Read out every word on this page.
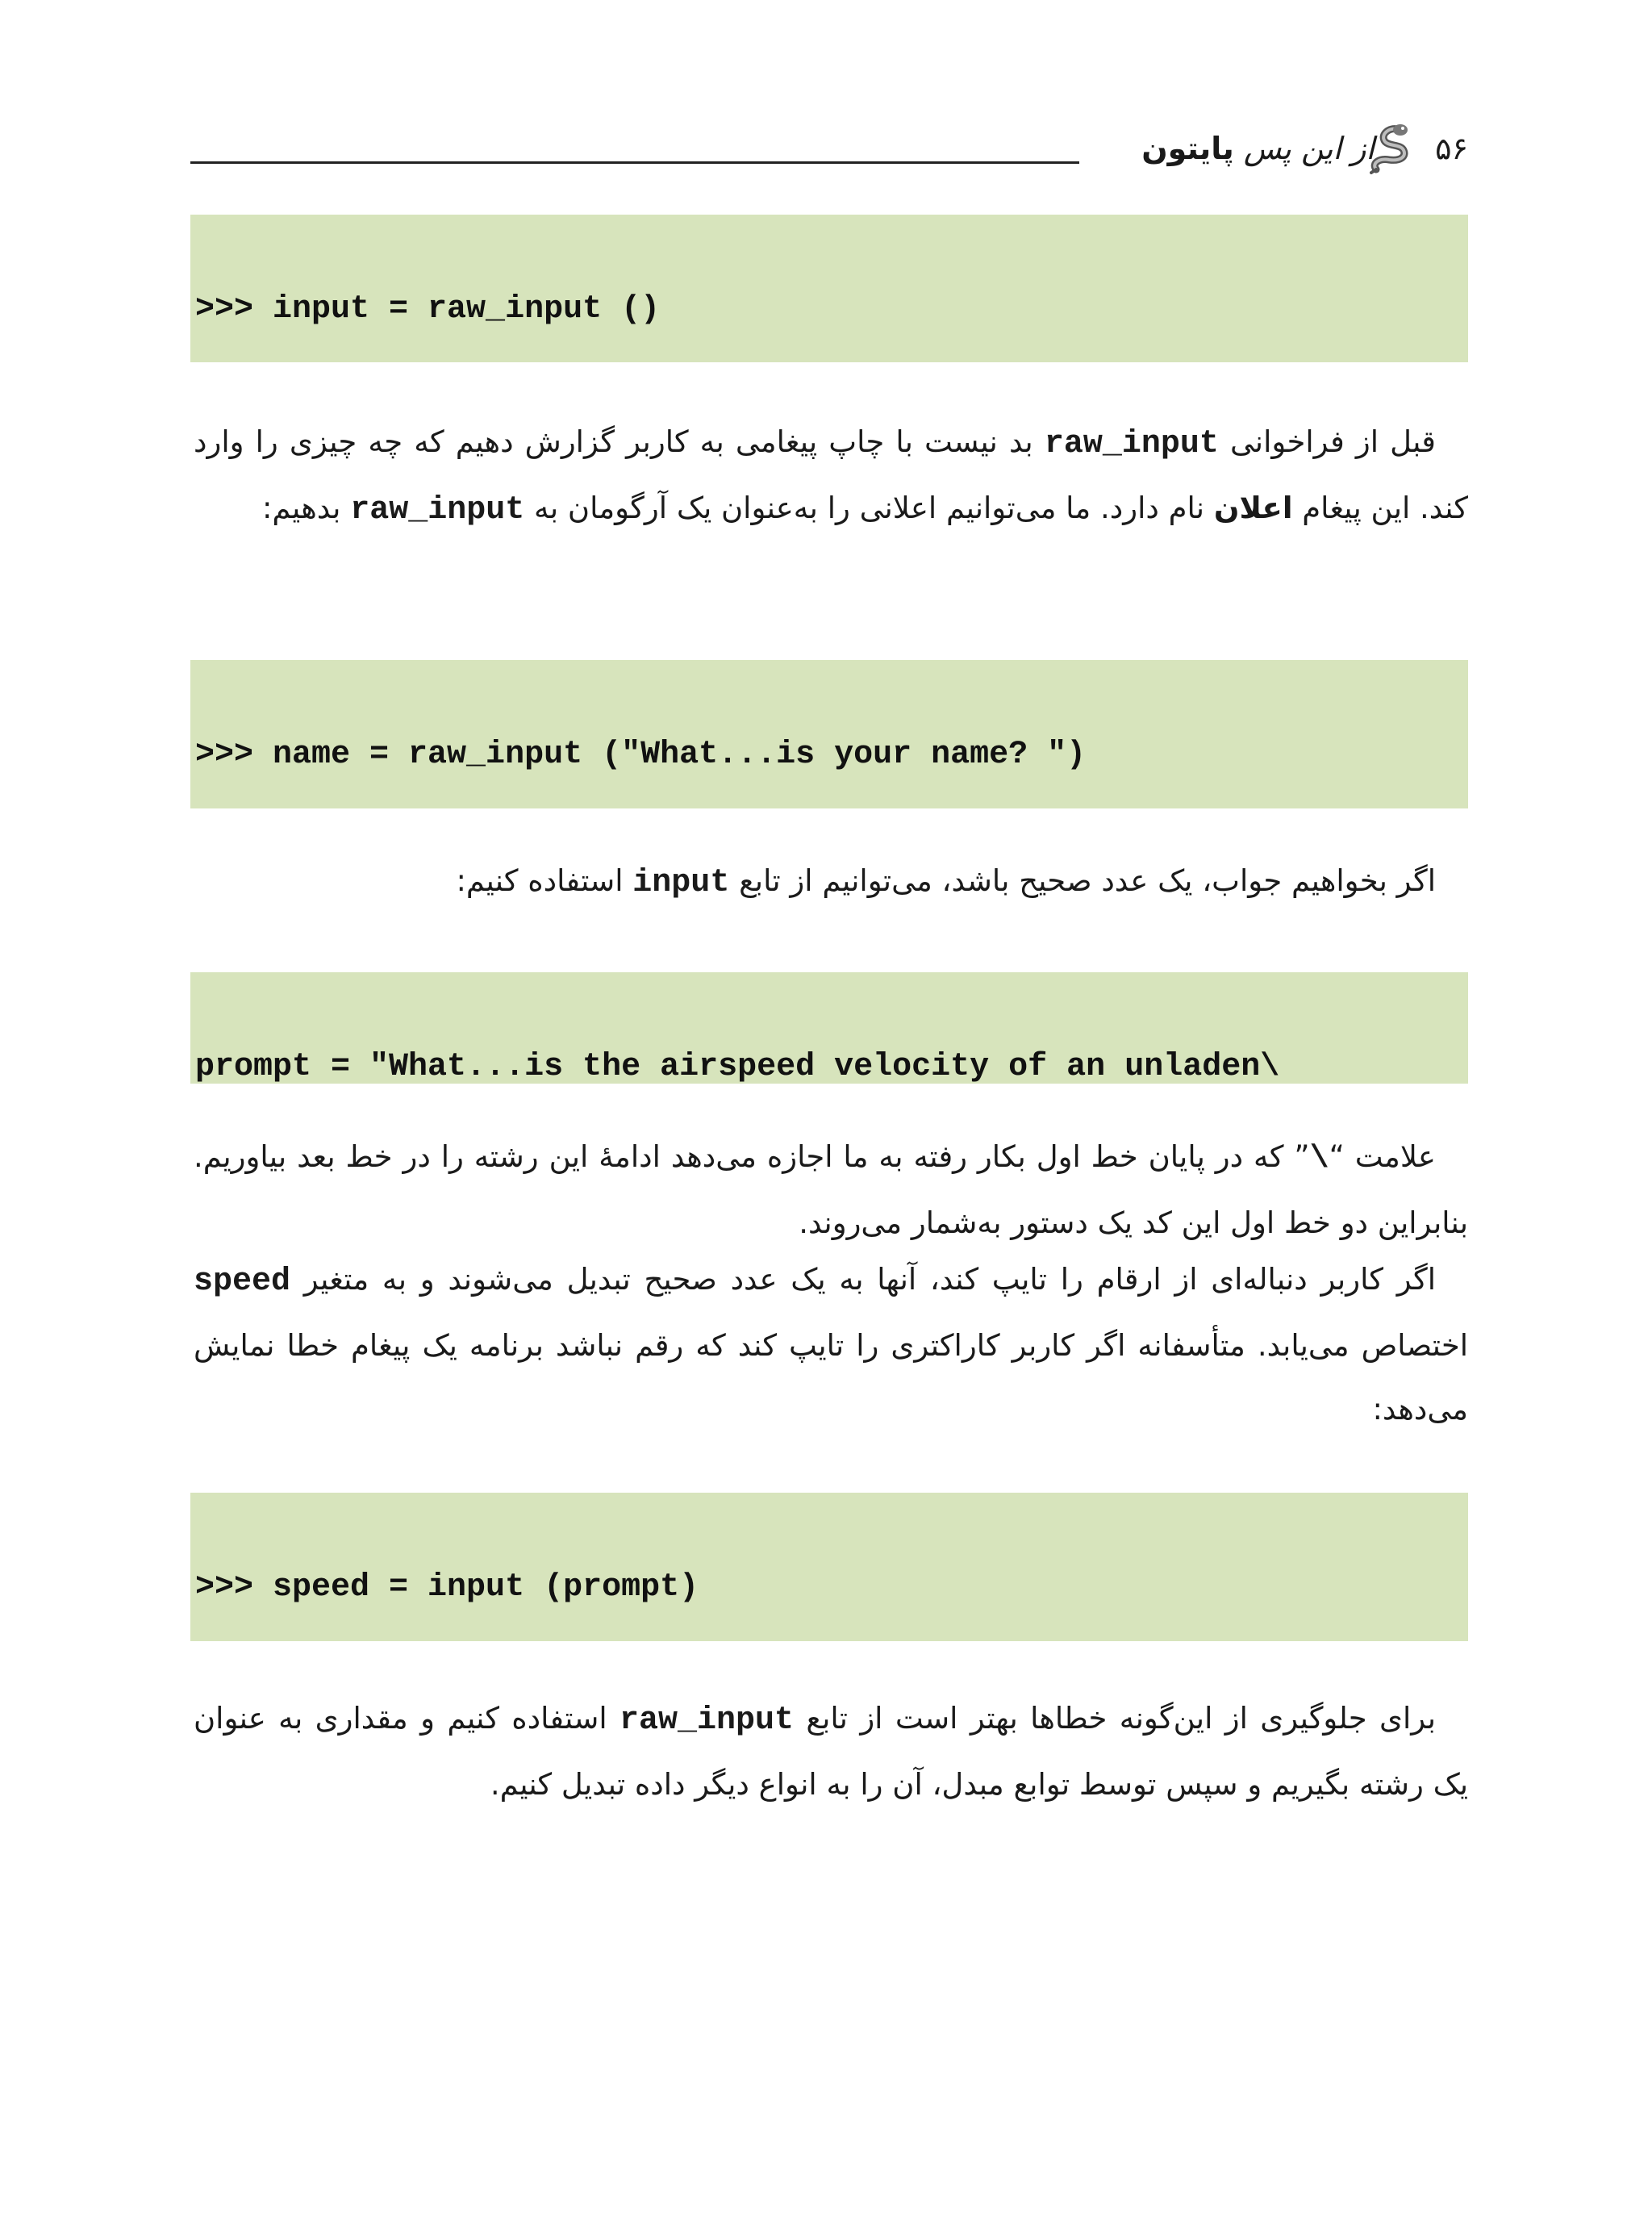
از این پس پایتون	۵۶

>>> input = raw_input ()

قبل از فراخوانی raw_input بد نیست با چاپ پیغامی به کاربر گزارش دهیم که چه چیزی را وارد کند. این پیغام اعلان نام دارد. ما می‌توانیم اعلانی را به‌عنوان یک آرگومان به raw_input بدهیم:

>>> name = raw_input ("What...is your name? ")

اگر بخواهیم جواب، یک عدد صحیح باشد، می‌توانیم از تابع input استفاده کنیم:

prompt = "What...is the airspeed velocity of an unladen\

علامت “\” که در پایان خط اول بکار رفته به ما اجازه می‌دهد ادامهٔ این رشته را در خط بعد بیاوریم. بنابراین دو خط اول این کد یک دستور به‌شمار می‌روند.
اگر کاربر دنباله‌ای از ارقام را تایپ کند، آنها به یک عدد صحیح تبدیل می‌شوند و به متغیر speed اختصاص می‌یابد. متأسفانه اگر کاربر کاراکتری را تایپ کند که رقم نباشد برنامه یک پیغام خطا نمایش می‌دهد:

>>> speed = input (prompt)

برای جلوگیری از این‌گونه خطاها بهتر است از تابع raw_input استفاده کنیم و مقداری به عنوان یک رشته بگیریم و سپس توسط توابع مبدل، آن را به انواع دیگر داده تبدیل کنیم.
